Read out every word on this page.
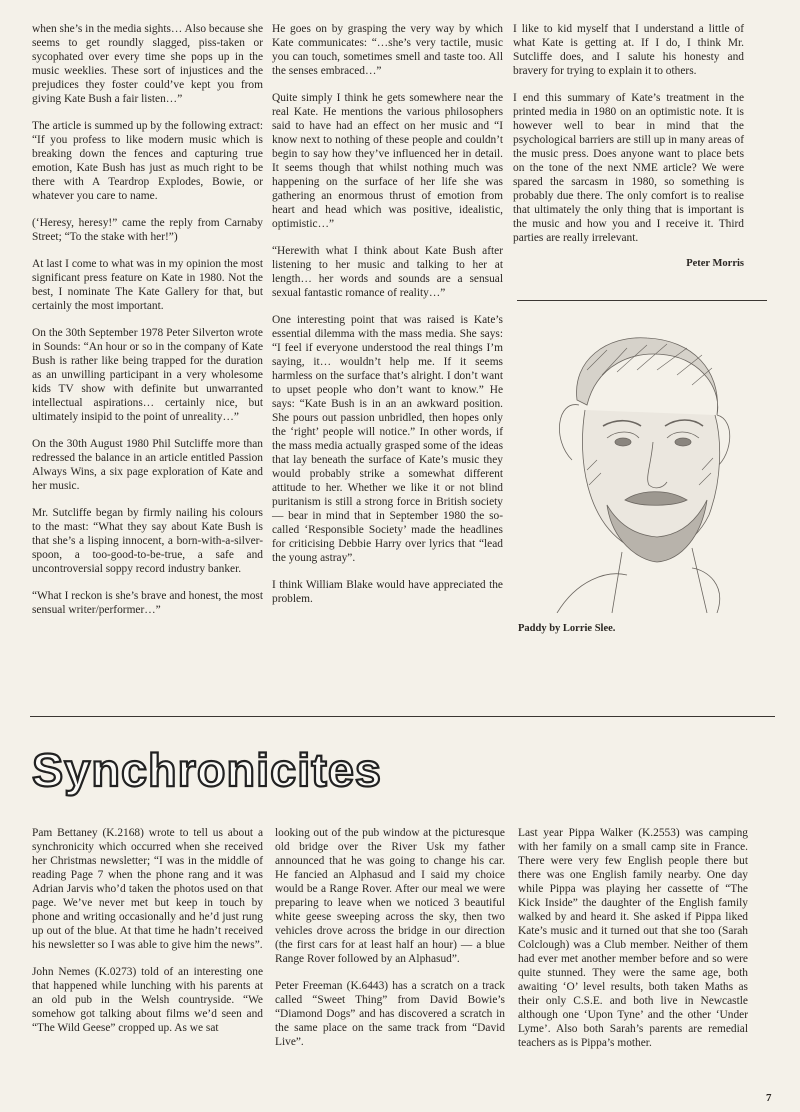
when she’s in the media sights… Also because she seems to get roundly slagged, piss-taken or sycophated over every time she pops up in the music weeklies. These sort of injustices and the prejudices they foster could’ve kept you from giving Kate Bush a fair listen…”

The article is summed up by the following extract: “If you profess to like modern music which is breaking down the fences and capturing true emotion, Kate Bush has just as much right to be there with A Teardrop Explodes, Bowie, or whatever you care to name.

(‘Heresy, heresy!” came the reply from Carnaby Street; “To the stake with her!”)

At last I come to what was in my opinion the most significant press feature on Kate in 1980. Not the best, I nominate The Kate Gallery for that, but certainly the most important.

On the 30th September 1978 Peter Silverton wrote in Sounds: “An hour or so in the company of Kate Bush is rather like being trapped for the duration as an unwilling participant in a very wholesome kids TV show with definite but unwarranted intellectual aspirations… certainly nice, but ultimately insipid to the point of unreality…”

On the 30th August 1980 Phil Sutcliffe more than redressed the balance in an article entitled Passion Always Wins, a six page exploration of Kate and her music.

Mr. Sutcliffe began by firmly nailing his colours to the mast: “What they say about Kate Bush is that she’s a lisping innocent, a born-with-a-silver-spoon, a too-good-to-be-true, a safe and uncontroversial soppy record industry banker.

“What I reckon is she’s brave and honest, the most sensual writer/performer…”

He goes on by grasping the very way by which Kate communicates: “…she’s very tactile, music you can touch, sometimes smell and taste too. All the senses embraced…”

Quite simply I think he gets somewhere near the real Kate. He mentions the various philosophers said to have had an effect on her music and “I know next to nothing of these people and couldn’t begin to say how they’ve influenced her in detail. It seems though that whilst nothing much was happening on the surface of her life she was gathering an enormous thrust of emotion from heart and head which was positive, idealistic, optimistic…”

“Herewith what I think about Kate Bush after listening to her music and talking to her at length… her words and sounds are a sensual sexual fantastic romance of reality…”

One interesting point that was raised is Kate’s essential dilemma with the mass media. She says: “I feel if everyone understood the real things I’m saying, it… wouldn’t help me. If it seems harmless on the surface that’s alright. I don’t want to upset people who don’t want to know.” He says: “Kate Bush is in an an awkward position. She pours out passion unbridled, then hopes only the ‘right’ people will notice.” In other words, if the mass media actually grasped some of the ideas that lay beneath the surface of Kate’s music they would probably strike a somewhat different attitude to her. Whether we like it or not blind puritanism is still a strong force in British society — bear in mind that in September 1980 the so-called ‘Responsible Society’ made the headlines for criticising Debbie Harry over lyrics that “lead the young astray”.

I think William Blake would have appreciated the problem.

I like to kid myself that I understand a little of what Kate is getting at. If I do, I think Mr. Sutcliffe does, and I salute his honesty and bravery for trying to explain it to others.

I end this summary of Kate’s treatment in the printed media in 1980 on an optimistic note. It is however well to bear in mind that the psychological barriers are still up in many areas of the music press. Does anyone want to place bets on the tone of the next NME article? We were spared the sarcasm in 1980, so something is probably due there. The only comfort is to realise that ultimately the only thing that is important is the music and how you and I receive it. Third parties are really irrelevant.

Peter Morris
Paddy by Lorrie Slee.
Synchronicites

Pam Bettaney (K.2168) wrote to tell us about a synchronicity which occurred when she received her Christmas newsletter; “I was in the middle of reading Page 7 when the phone rang and it was Adrian Jarvis who’d taken the photos used on that page. We’ve never met but keep in touch by phone and writing occasionally and he’d just rung up out of the blue. At that time he hadn’t received his newsletter so I was able to give him the news”.

John Nemes (K.0273) told of an interesting one that happened while lunching with his parents at an old pub in the Welsh countryside. “We somehow got talking about films we’d seen and “The Wild Geese” cropped up. As we sat

looking out of the pub window at the picturesque old bridge over the River Usk my father announced that he was going to change his car. He fancied an Alphasud and I said my choice would be a Range Rover. After our meal we were preparing to leave when we noticed 3 beautiful white geese sweeping across the sky, then two vehicles drove across the bridge in our direction (the first cars for at least half an hour) — a blue Range Rover followed by an Alphasud”.

Peter Freeman (K.6443) has a scratch on a track called “Sweet Thing” from David Bowie’s “Diamond Dogs” and has discovered a scratch in the same place on the same track from “David Live”.

Last year Pippa Walker (K.2553) was camping with her family on a small camp site in France. There were very few English people there but there was one English family nearby. One day while Pippa was playing her cassette of “The Kick Inside” the daughter of the English family walked by and heard it. She asked if Pippa liked Kate’s music and it turned out that she too (Sarah Colclough) was a Club member. Neither of them had ever met another member before and so were quite stunned. They were the same age, both awaiting ‘O’ level results, both taken Maths as their only C.S.E. and both live in Newcastle although one ‘Upon Tyne’ and the other ‘Under Lyme’. Also both Sarah’s parents are remedial teachers as is Pippa’s mother.

7
